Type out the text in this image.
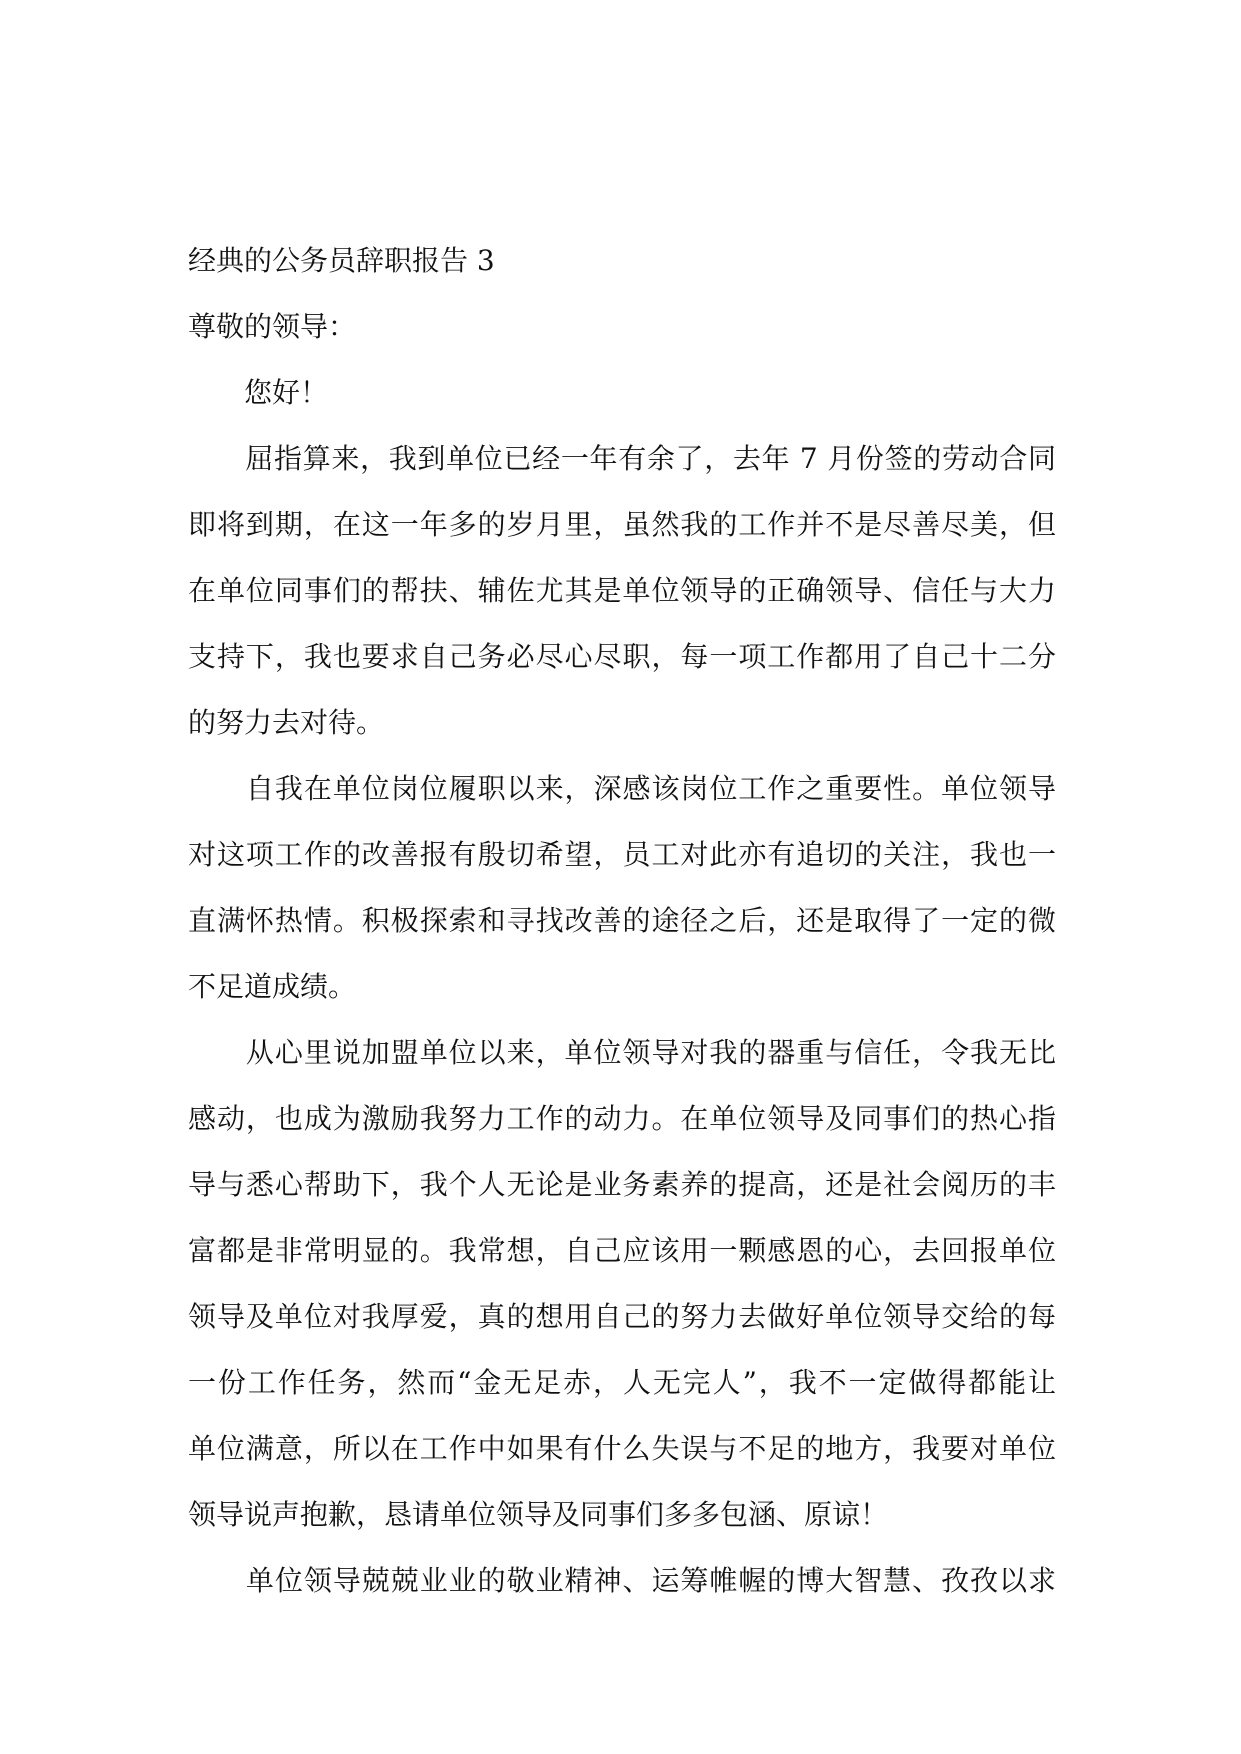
经典的公务员辞职报告 3

尊敬的领导：

　　您好！

　　屈指算来，我到单位已经一年有余了，去年 7 月份签的劳动合同

即将到期，在这一年多的岁月里，虽然我的工作并不是尽善尽美，但

在单位同事们的帮扶、辅佐尤其是单位领导的正确领导、信任与大力

支持下，我也要求自己务必尽心尽职，每一项工作都用了自己十二分

的努力去对待。

　　自我在单位岗位履职以来，深感该岗位工作之重要性。单位领导

对这项工作的改善报有殷切希望，员工对此亦有追切的关注，我也一

直满怀热情。积极探索和寻找改善的途径之后，还是取得了一定的微

不足道成绩。

　　从心里说加盟单位以来，单位领导对我的器重与信任，令我无比

感动，也成为激励我努力工作的动力。在单位领导及同事们的热心指

导与悉心帮助下，我个人无论是业务素养的提高，还是社会阅历的丰

富都是非常明显的。我常想，自己应该用一颗感恩的心，去回报单位

领导及单位对我厚爱，真的想用自己的努力去做好单位领导交给的每

一份工作任务，然而“金无足赤，人无完人”，我不一定做得都能让

单位满意，所以在工作中如果有什么失误与不足的地方，我要对单位

领导说声抱歉，恳请单位领导及同事们多多包涵、原谅！

　　单位领导兢兢业业的敬业精神、运筹帷幄的博大智慧、孜孜以求
